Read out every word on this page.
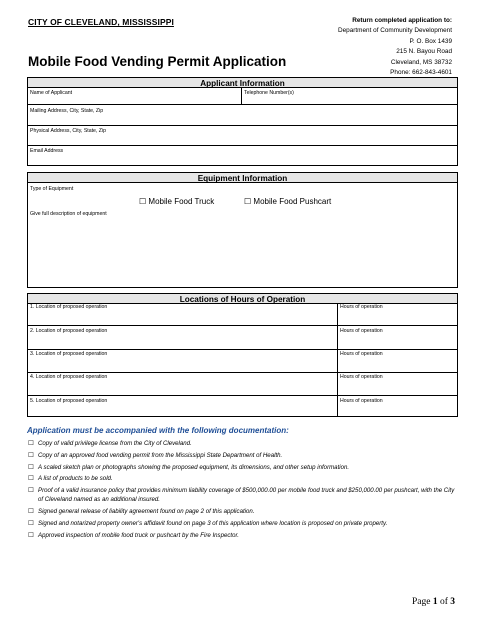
CITY OF CLEVELAND, MISSISSIPPI
Mobile Food Vending Permit Application
Return completed application to:
Department of Community Development
P. O. Box 1439
215 N. Bayou Road
Cleveland, MS 38732
Phone: 662-843-4601
Applicant Information
Name of Applicant	Telephone Number(s)
Mailing Address, City, State, Zip
Physical Address, City, State, Zip
Email Address
Equipment Information
Type of Equipment
☐ Mobile Food Truck	☐ Mobile Food Pushcart
Give full description of equipment
Locations of Hours of Operation
1. Location of proposed operation	Hours of operation
2. Location of proposed operation	Hours of operation
3. Location of proposed operation	Hours of operation
4. Location of proposed operation	Hours of operation
5. Location of proposed operation	Hours of operation
Application must be accompanied with the following documentation:
☐ Copy of valid privilege license from the City of Cleveland.
☐ Copy of an approved food vending permit from the Mississippi State Department of Health.
☐ A scaled sketch plan or photographs showing the proposed equipment, its dimensions, and other setup information.
☐ A list of products to be sold.
☐ Proof of a valid insurance policy that provides minimum liability coverage of $500,000.00 per mobile food truck and $250,000.00 per pushcart, with the City of Cleveland named as an additional insured.
☐ Signed general release of liability agreement found on page 2 of this application.
☐ Signed and notarized property owner's affidavit found on page 3 of this application where location is proposed on private property.
☐ Approved inspection of mobile food truck or pushcart by the Fire Inspector.
Page 1 of 3
